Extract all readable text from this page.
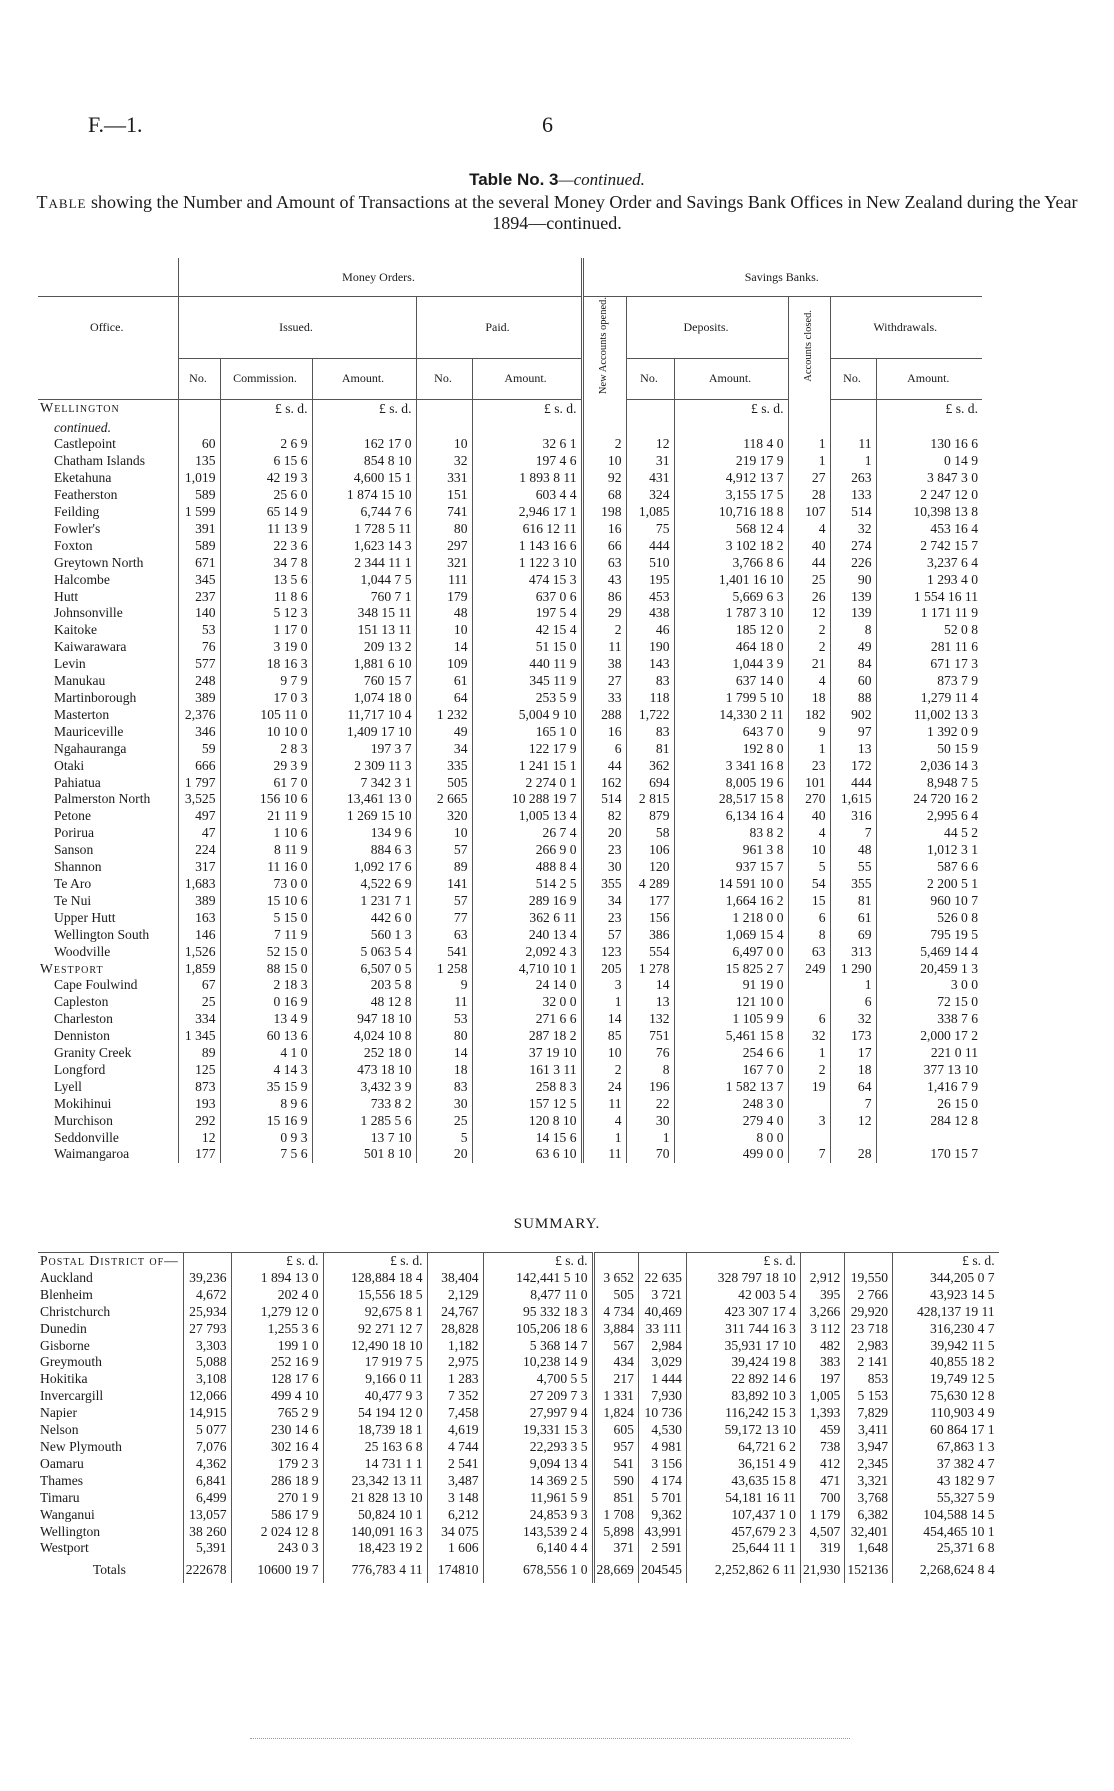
F.—1.	6
Table No. 3—continued.
Table showing the Number and Amount of Transactions at the several Money Order and Savings Bank Offices in New Zealand during the Year 1894—continued.
	Money Orders.					Savings Banks.					
Office.	Issued.			Paid.		New Accounts opened.	Deposits.		Accounts closed.	Withdrawals.	
	No.	Commission.	Amount.	No.	Amount.		No.	Amount.		No.	Amount.
Wellington		£ s. d.	£ s. d.		£ s. d.			£ s. d.			£ s. d.
continued.											
Castlepoint	60	2 6 9	162 17 0	10	32 6 1	2	12	118 4 0	1	11	130 16 6
Chatham Islands	135	6 15 6	854 8 10	32	197 4 6	10	31	219 17 9	1	1	0 14 9
Eketahuna	1,019	42 19 3	4,600 15 1	331	1 893 8 11	92	431	4,912 13 7	27	263	3 847 3 0
Featherston	589	25 6 0	1 874 15 10	151	603 4 4	68	324	3,155 17 5	28	133	2 247 12 0
Feilding	1 599	65 14 9	6,744 7 6	741	2,946 17 1	198	1,085	10,716 18 8	107	514	10,398 13 8
Fowler's	391	11 13 9	1 728 5 11	80	616 12 11	16	75	568 12 4	4	32	453 16 4
Foxton	589	22 3 6	1,623 14 3	297	1 143 16 6	66	444	3 102 18 2	40	274	2 742 15 7
Greytown North	671	34 7 8	2 344 11 1	321	1 122 3 10	63	510	3,766 8 6	44	226	3,237 6 4
Halcombe	345	13 5 6	1,044 7 5	111	474 15 3	43	195	1,401 16 10	25	90	1 293 4 0
Hutt	237	11 8 6	760 7 1	179	637 0 6	86	453	5,669 6 3	26	139	1 554 16 11
Johnsonville	140	5 12 3	348 15 11	48	197 5 4	29	438	1 787 3 10	12	139	1 171 11 9
Kaitoke	53	1 17 0	151 13 11	10	42 15 4	2	46	185 12 0	2	8	52 0 8
Kaiwarawara	76	3 19 0	209 13 2	14	51 15 0	11	190	464 18 0	2	49	281 11 6
Levin	577	18 16 3	1,881 6 10	109	440 11 9	38	143	1,044 3 9	21	84	671 17 3
Manukau	248	9 7 9	760 15 7	61	345 11 9	27	83	637 14 0	4	60	873 7 9
Martinborough	389	17 0 3	1,074 18 0	64	253 5 9	33	118	1 799 5 10	18	88	1,279 11 4
Masterton	2,376	105 11 0	11,717 10 4	1 232	5,004 9 10	288	1,722	14,330 2 11	182	902	11,002 13 3
Mauriceville	346	10 10 0	1,409 17 10	49	165 1 0	16	83	643 7 0	9	97	1 392 0 9
Ngahauranga	59	2 8 3	197 3 7	34	122 17 9	6	81	192 8 0	1	13	50 15 9
Otaki	666	29 3 9	2 309 11 3	335	1 241 15 1	44	362	3 341 16 8	23	172	2,036 14 3
Pahiatua	1 797	61 7 0	7 342 3 1	505	2 274 0 1	162	694	8,005 19 6	101	444	8,948 7 5
Palmerston North	3,525	156 10 6	13,461 13 0	2 665	10 288 19 7	514	2 815	28,517 15 8	270	1,615	24 720 16 2
Petone	497	21 11 9	1 269 15 10	320	1,005 13 4	82	879	6,134 16 4	40	316	2,995 6 4
Porirua	47	1 10 6	134 9 6	10	26 7 4	20	58	83 8 2	4	7	44 5 2
Sanson	224	8 11 9	884 6 3	57	266 9 0	23	106	961 3 8	10	48	1,012 3 1
Shannon	317	11 16 0	1,092 17 6	89	488 8 4	30	120	937 15 7	5	55	587 6 6
Te Aro	1,683	73 0 0	4,522 6 9	141	514 2 5	355	4 289	14 591 10 0	54	355	2 200 5 1
Te Nui	389	15 10 6	1 231 7 1	57	289 16 9	34	177	1,664 16 2	15	81	960 10 7
Upper Hutt	163	5 15 0	442 6 0	77	362 6 11	23	156	1 218 0 0	6	61	526 0 8
Wellington South	146	7 11 9	560 1 3	63	240 13 4	57	386	1,069 15 4	8	69	795 19 5
Woodville	1,526	52 15 0	5 063 5 4	541	2,092 4 3	123	554	6,497 0 0	63	313	5,469 14 4
Westport	1,859	88 15 0	6,507 0 5	1 258	4,710 10 1	205	1 278	15 825 2 7	249	1 290	20,459 1 3
Cape Foulwind	67	2 18 3	203 5 8	9	24 14 0	3	14	91 19 0		1	3 0 0
Capleston	25	0 16 9	48 12 8	11	32 0 0	1	13	121 10 0		6	72 15 0
Charleston	334	13 4 9	947 18 10	53	271 6 6	14	132	1 105 9 9	6	32	338 7 6
Denniston	1 345	60 13 6	4,024 10 8	80	287 18 2	85	751	5,461 15 8	32	173	2,000 17 2
Granity Creek	89	4 1 0	252 18 0	14	37 19 10	10	76	254 6 6	1	17	221 0 11
Longford	125	4 14 3	473 18 10	18	161 3 11	2	8	167 7 0	2	18	377 13 10
Lyell	873	35 15 9	3,432 3 9	83	258 8 3	24	196	1 582 13 7	19	64	1,416 7 9
Mokihinui	193	8 9 6	733 8 2	30	157 12 5	11	22	248 3 0		7	26 15 0
Murchison	292	15 16 9	1 285 5 6	25	120 8 10	4	30	279 4 0	3	12	284 12 8
Seddonville	12	0 9 3	13 7 10	5	14 15 6	1	1	8 0 0			
Waimangaroa	177	7 5 6	501 8 10	20	63 6 10	11	70	499 0 0	7	28	170 15 7
SUMMARY.
Postal District of—		£ s. d.	£ s. d.		£ s. d.			£ s. d.			£ s. d.
Auckland	39,236	1 894 13 0	128,884 18 4	38,404	142,441 5 10	3 652	22 635	328 797 18 10	2,912	19,550	344,205 0 7
Blenheim	4,672	202 4 0	15,556 18 5	2,129	8,477 11 0	505	3 721	42 003 5 4	395	2 766	43,923 14 5
Christchurch	25,934	1,279 12 0	92,675 8 1	24,767	95 332 18 3	4 734	40,469	423 307 17 4	3,266	29,920	428,137 19 11
Dunedin	27 793	1,255 3 6	92 271 12 7	28,828	105,206 18 6	3,884	33 111	311 744 16 3	3 112	23 718	316,230 4 7
Gisborne	3,303	199 1 0	12,490 18 10	1,182	5 368 14 7	567	2,984	35,931 17 10	482	2,983	39,942 11 5
Greymouth	5,088	252 16 9	17 919 7 5	2,975	10,238 14 9	434	3,029	39,424 19 8	383	2 141	40,855 18 2
Hokitika	3,108	128 17 6	9,166 0 11	1 283	4,700 5 5	217	1 444	22 892 14 6	197	853	19,749 12 5
Invercargill	12,066	499 4 10	40,477 9 3	7 352	27 209 7 3	1 331	7,930	83,892 10 3	1,005	5 153	75,630 12 8
Napier	14,915	765 2 9	54 194 12 0	7,458	27,997 9 4	1,824	10 736	116,242 15 3	1,393	7,829	110,903 4 9
Nelson	5 077	230 14 6	18,739 18 1	4,619	19,331 15 3	605	4,530	59,172 13 10	459	3,411	60 864 17 1
New Plymouth	7,076	302 16 4	25 163 6 8	4 744	22,293 3 5	957	4 981	64,721 6 2	738	3,947	67,863 1 3
Oamaru	4,362	179 2 3	14 731 1 1	2 541	9,094 13 4	541	3 156	36,151 4 9	412	2,345	37 382 4 7
Thames	6,841	286 18 9	23,342 13 11	3,487	14 369 2 5	590	4 174	43,635 15 8	471	3,321	43 182 9 7
Timaru	6,499	270 1 9	21 828 13 10	3 148	11,961 5 9	851	5 701	54,181 16 11	700	3,768	55,327 5 9
Wanganui	13,057	586 17 9	50,824 10 1	6,212	24,853 9 3	1 708	9,362	107,437 1 0	1 179	6,382	104,588 14 5
Wellington	38 260	2 024 12 8	140,091 16 3	34 075	143,539 2 4	5,898	43,991	457,679 2 3	4,507	32,401	454,465 10 1
Westport	5,391	243 0 3	18,423 19 2	1 606	6,140 4 4	371	2 591	25,644 11 1	319	1,648	25,371 6 8
Totals	222678	10600 19 7	776,783 4 11	174810	678,556 1 0	28,669	204545	2,252,862 6 11	21,930	152136	2,268,624 8 4
